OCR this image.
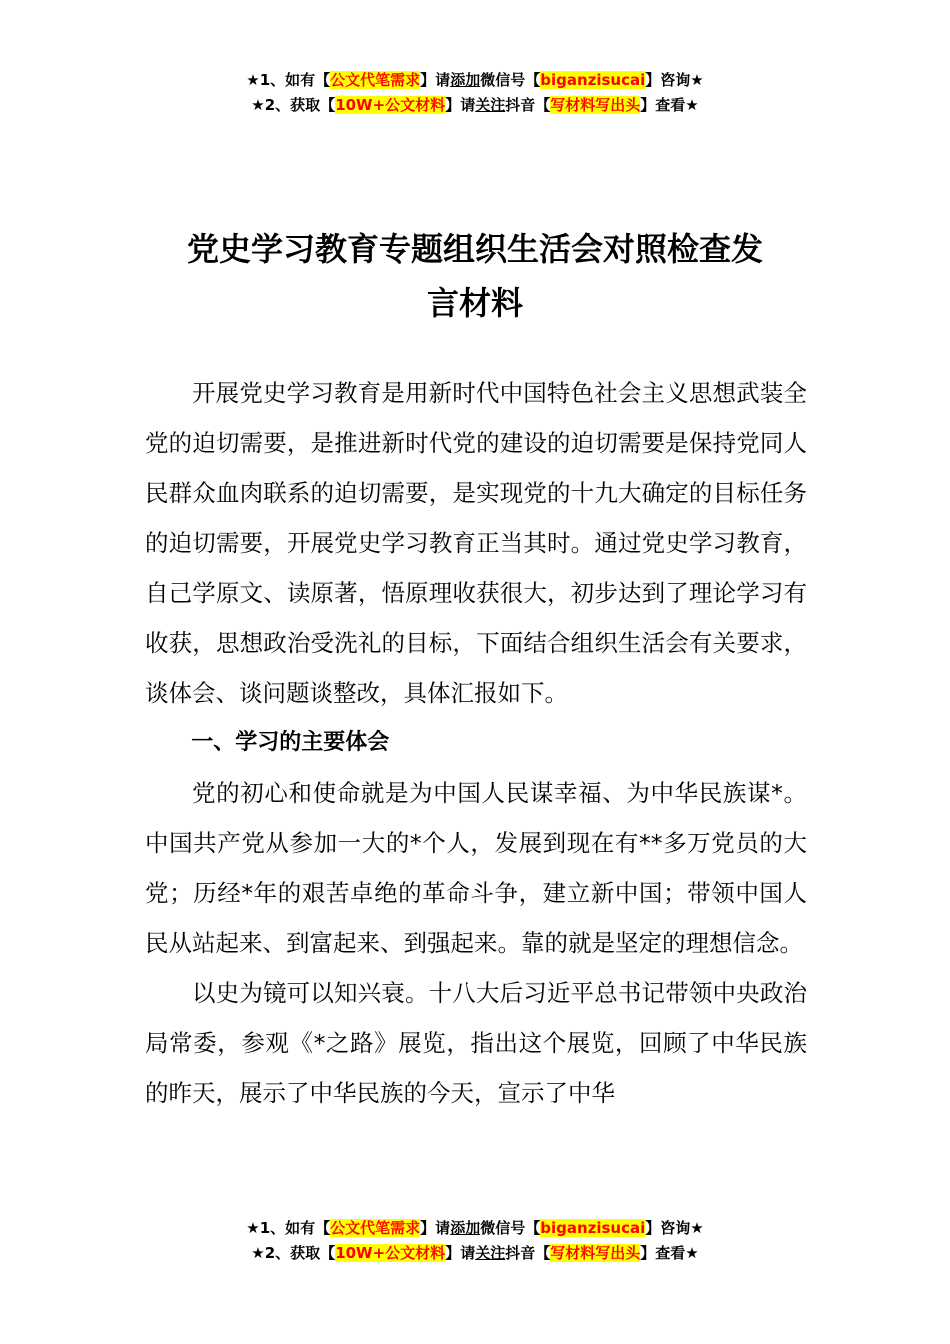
★1、如有【公文代笔需求】请添加微信号【biganzisucai】咨询★
★2、获取【10W+公文材料】请关注抖音【写材料写出头】查看★
党史学习教育专题组织生活会对照检查发
言材料

开展党史学习教育是用新时代中国特色社会主义思想武装全党的迫切需要，是推进新时代党的建设的迫切需要是保持党同人民群众血肉联系的迫切需要，是实现党的十九大确定的目标任务的迫切需要，开展党史学习教育正当其时。通过党史学习教育，自己学原文、读原著，悟原理收获很大，初步达到了理论学习有收获，思想政治受洗礼的目标，下面结合组织生活会有关要求，谈体会、谈问题谈整改，具体汇报如下。

一、学习的主要体会

党的初心和使命就是为中国人民谋幸福、为中华民族谋*。中国共产党从参加一大的*个人，发展到现在有**多万党员的大党；历经*年的艰苦卓绝的革命斗争，建立新中国；带领中国人民从站起来、到富起来、到强起来。靠的就是坚定的理想信念。

以史为镜可以知兴衰。十八大后习近平总书记带领中央政治局常委，参观《*之路》展览，指出这个展览，回顾了中华民族的昨天，展示了中华民族的今天，宣示了中华

★1、如有【公文代笔需求】请添加微信号【biganzisucai】咨询★
★2、获取【10W+公文材料】请关注抖音【写材料写出头】查看★
